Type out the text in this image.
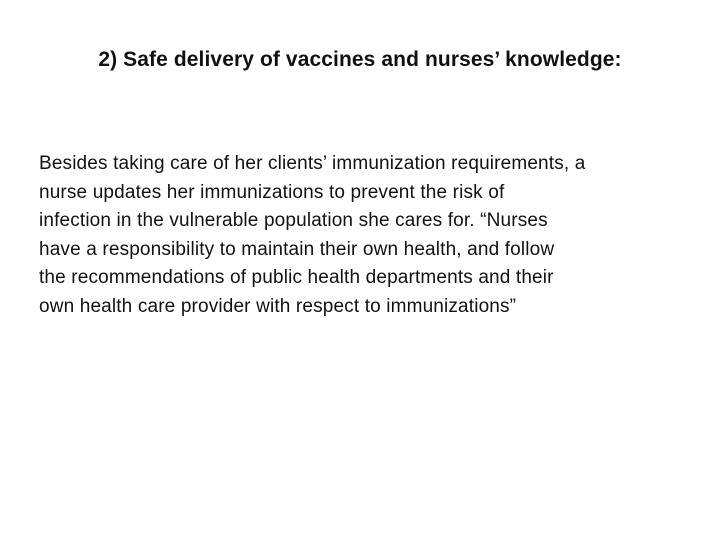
2) Safe delivery of vaccines and nurses’ knowledge:

Besides taking care of her clients’ immunization requirements, a
nurse updates her immunizations to prevent the risk of
infection in the vulnerable population she cares for. “Nurses
have a responsibility to maintain their own health, and follow
the recommendations of public health departments and their
own health care provider with respect to immunizations”
